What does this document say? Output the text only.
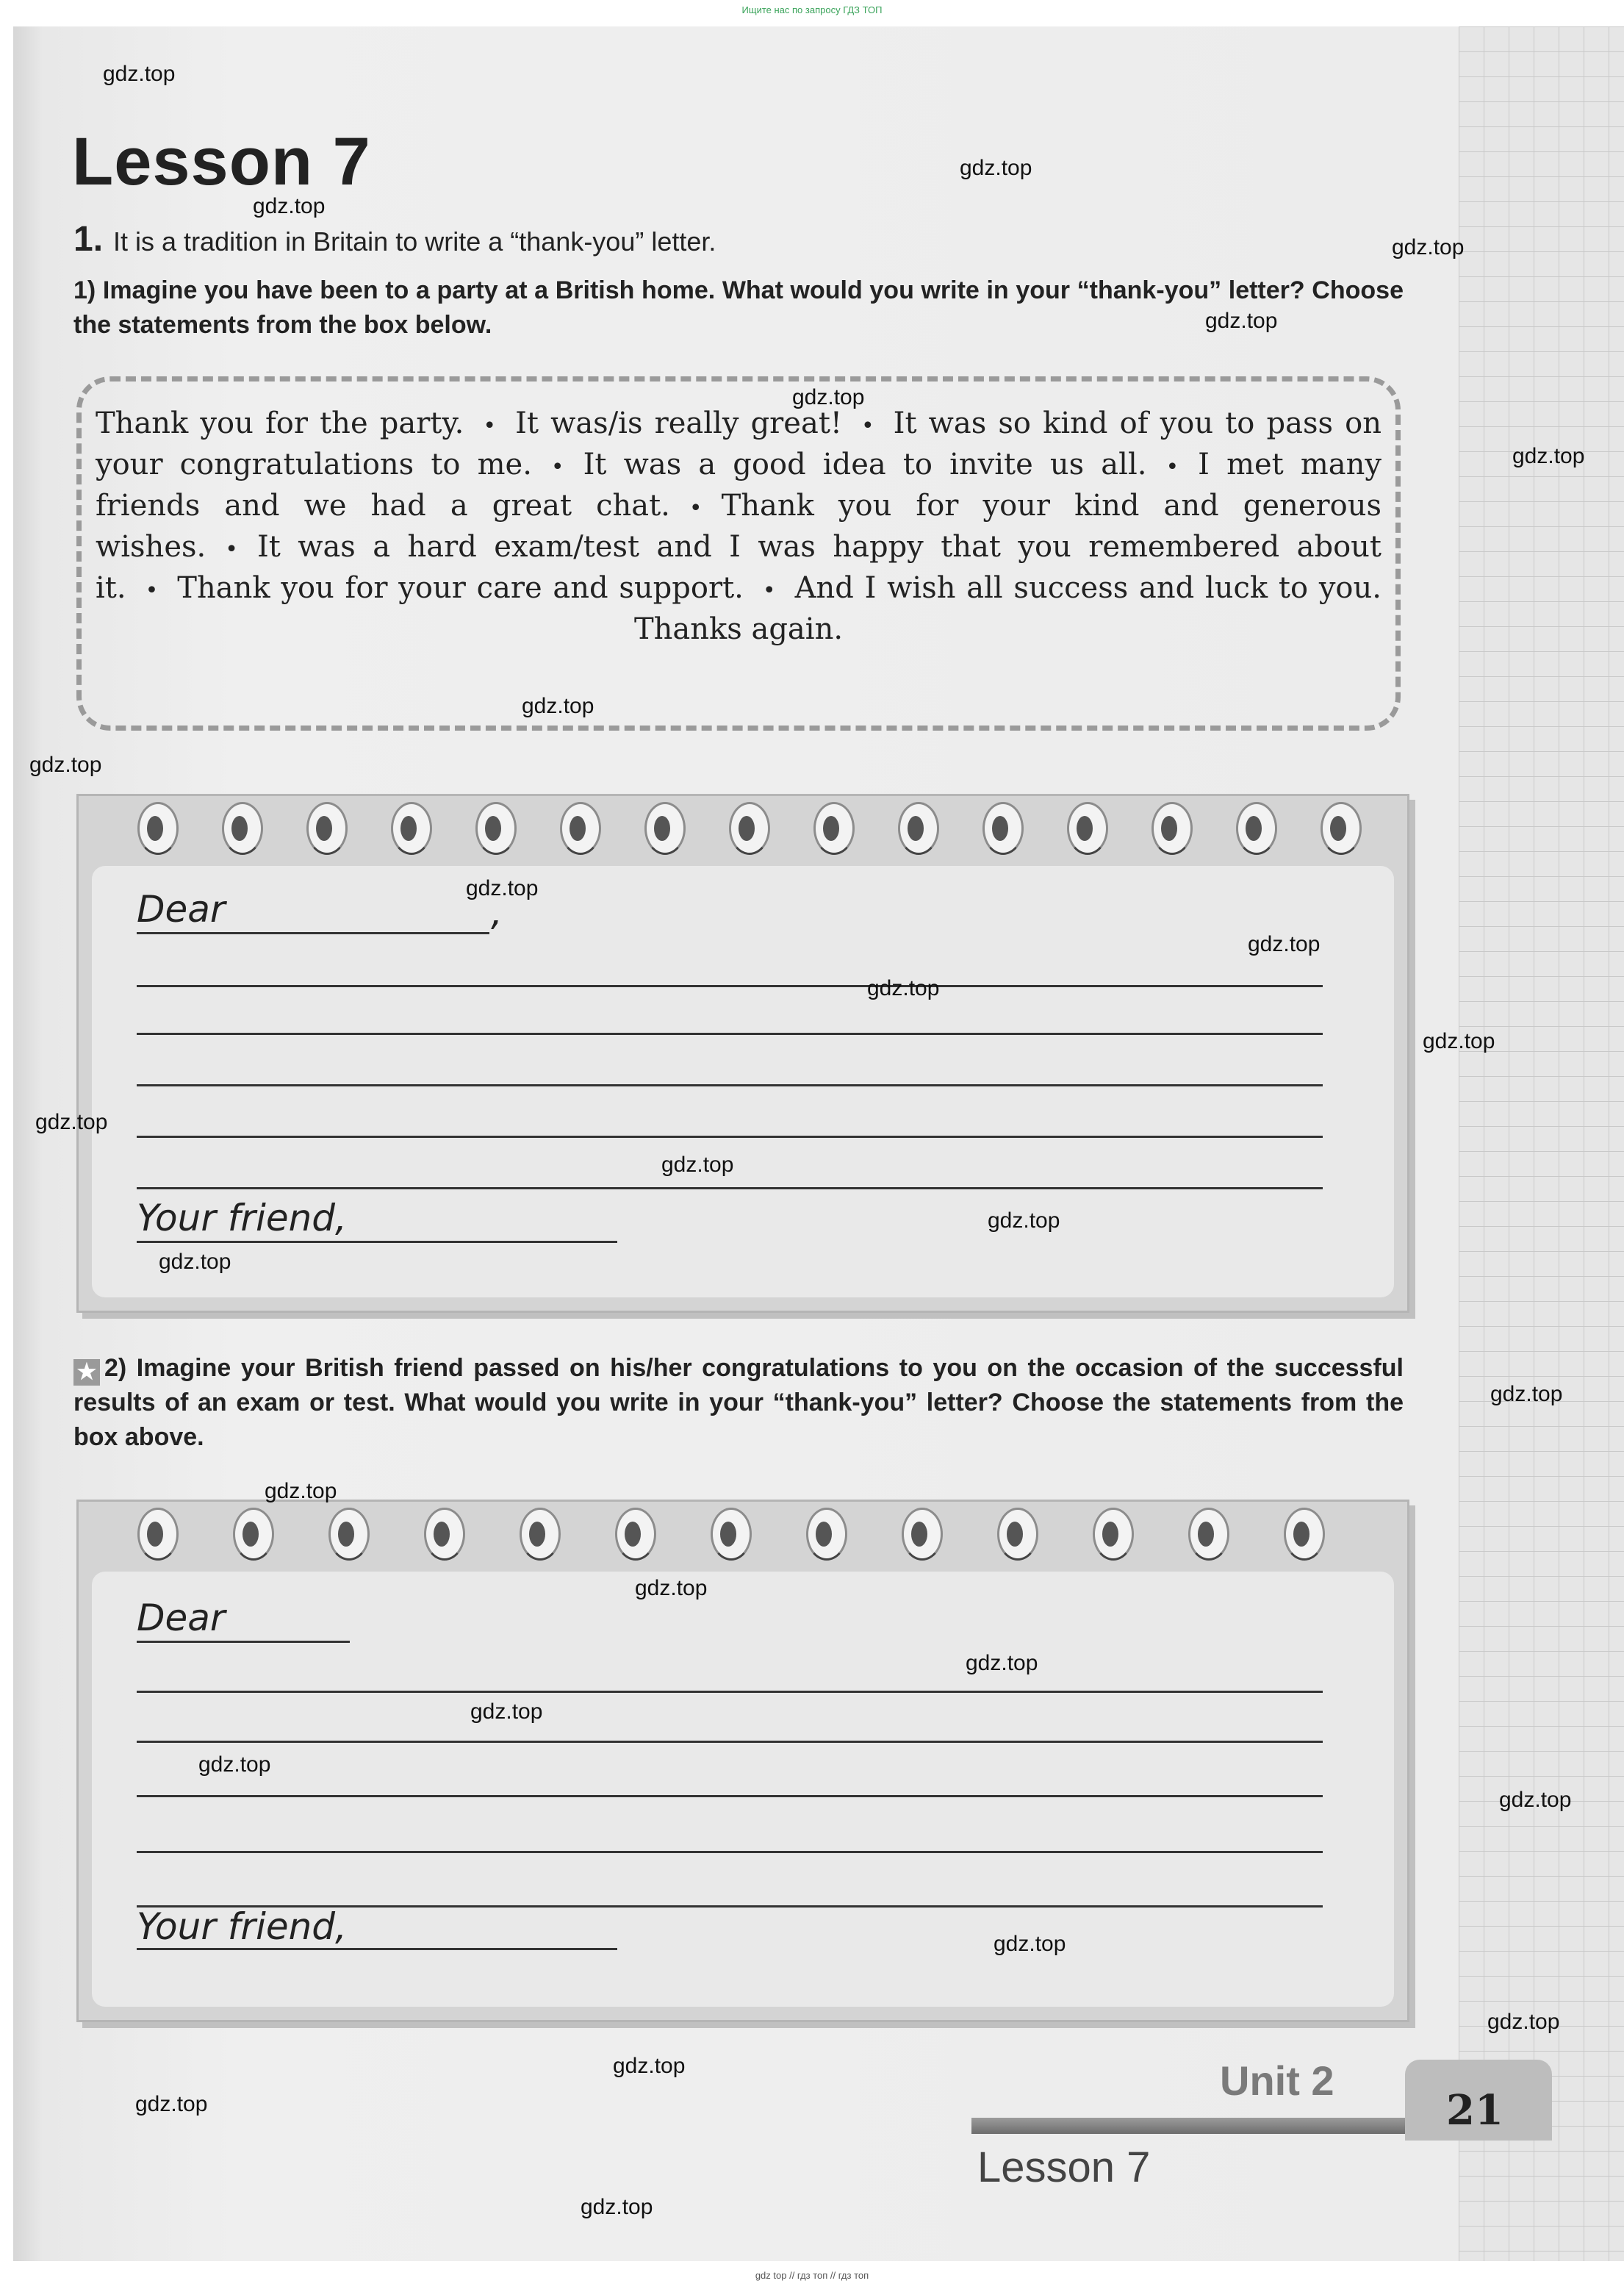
Ищите нас по запросу ГДЗ ТОП
Lesson 7
1. It is a tradition in Britain to write a “thank-you” letter.
1) Imagine you have been to a party at a British home. What would you write in your “thank-you” letter? Choose the statements from the box below.
Thank you for the party. • It was/is really great! • It was so kind of you to pass on your congratulations to me. • It was a good idea to invite us all. • I met many friends and we had a great chat. • Thank you for your kind and generous wishes. • It was a hard exam/test and I was happy that you remembered about it. • Thank you for your care and support. • And I wish all success and luck to you. Thanks again.
Dear	,
Your friend,
★ 2) Imagine your British friend passed on his/her congratulations to you on the occasion of the successful results of an exam or test. What would you write in your “thank-you” letter? Choose the statements from the box above.
Dear
Your friend,
Unit 2
Lesson 7
21
gdz.top
gdz.top
gdz.top
gdz.top
gdz.top
gdz.top
gdz.top
gdz.top
gdz.top
gdz.top
gdz.top
gdz.top
gdz.top
gdz.top
gdz.top
gdz.top
gdz.top
gdz.top
gdz.top
gdz.top
gdz.top
gdz.top
gdz.top
gdz.top
gdz.top
gdz.top
gdz.top
gdz.top
gdz.top
gdz top // гдз топ // гдз топ
